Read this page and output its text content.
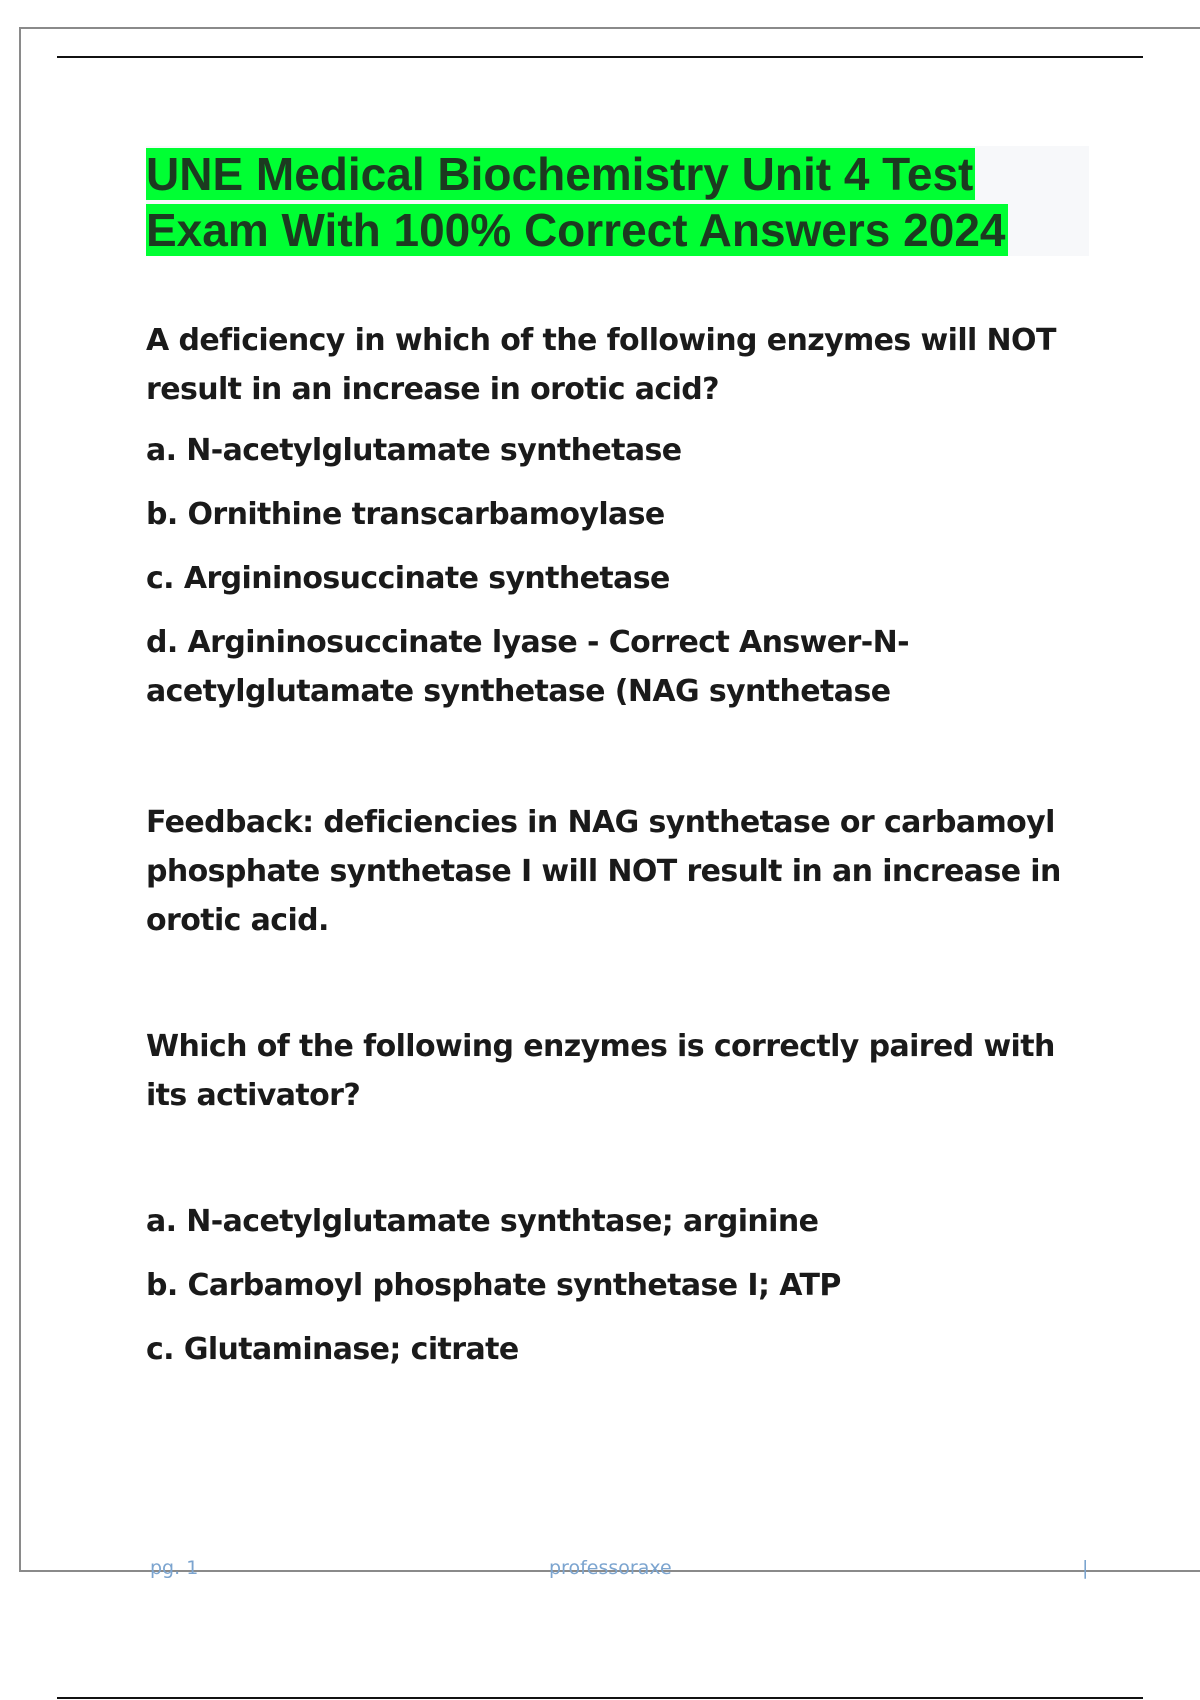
UNE Medical Biochemistry Unit 4 Test
Exam With 100% Correct Answers 2024

A deficiency in which of the following enzymes will NOT result in an increase in orotic acid?

a. N-acetylglutamate synthetase

b. Ornithine transcarbamoylase

c. Argininosuccinate synthetase

d. Argininosuccinate lyase - Correct Answer-N-acetylglutamate synthetase (NAG synthetase

Feedback: deficiencies in NAG synthetase or carbamoyl phosphate synthetase I will NOT result in an increase in orotic acid.

Which of the following enzymes is correctly paired with its activator?

a. N-acetylglutamate synthtase; arginine

b. Carbamoyl phosphate synthetase I; ATP

c. Glutaminase; citrate

pg. 1	professoraxe	|
